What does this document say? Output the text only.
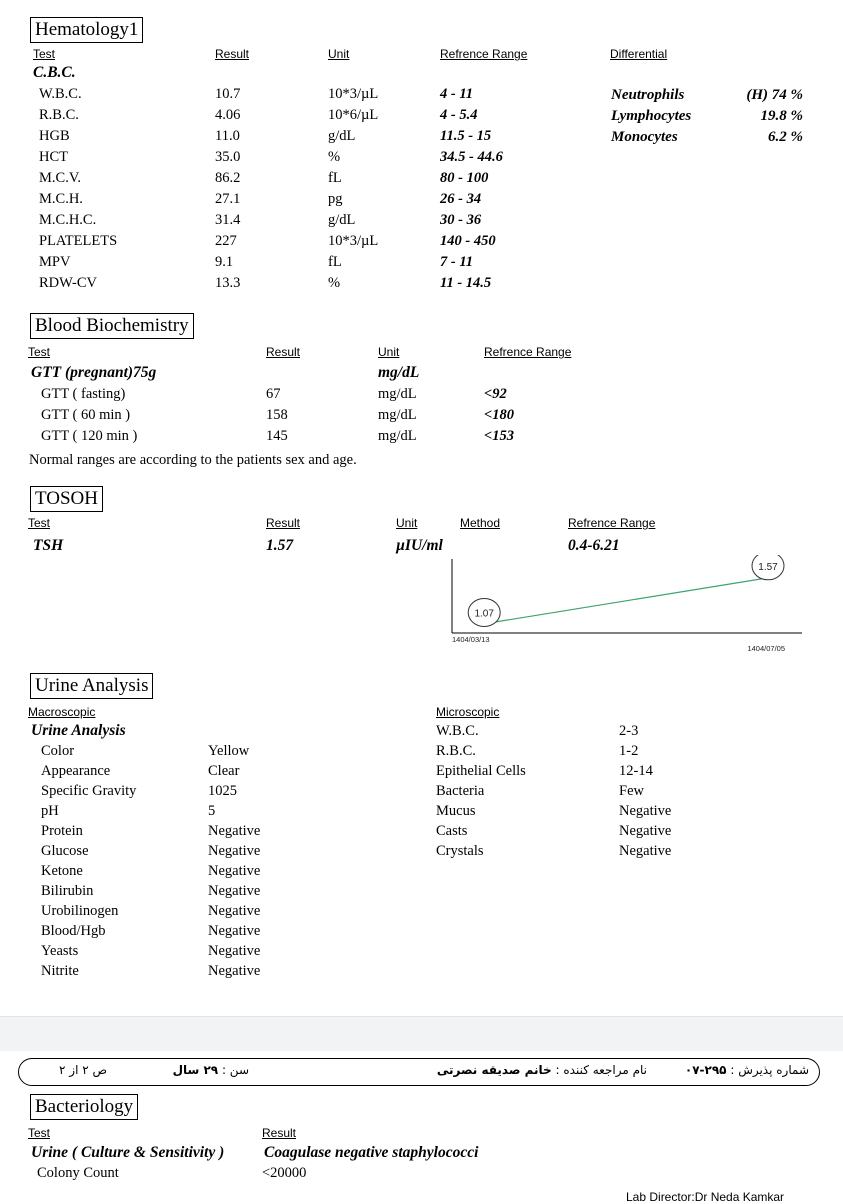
Hematology1
Test	Result	Unit	Refrence Range	Differential
C.B.C.
W.B.C.	10.7	10*3/µL	4 - 11
R.B.C.	4.06	10*6/µL	4 - 5.4
HGB	11.0	g/dL	11.5 - 15
HCT	35.0	%	34.5 - 44.6
M.C.V.	86.2	fL	80 - 100
M.C.H.	27.1	pg	26 - 34
M.C.H.C.	31.4	g/dL	30 - 36
PLATELETS	227	10*3/µL	140 - 450
MPV	9.1	fL	7 - 11
RDW-CV	13.3	%	11 - 14.5
Neutrophils	(H) 74 %
Lymphocytes	19.8 %
Monocytes	6.2 %
Blood Biochemistry
Test	Result	Unit	Refrence Range
GTT (pregnant)75g	mg/dL
GTT ( fasting)	67	mg/dL	<92
GTT ( 60 min )	158	mg/dL	<180
GTT ( 120 min )	145	mg/dL	<153
Normal ranges are according to the patients sex and age.
TOSOH
Test	Result	Unit	Method	Refrence Range
TSH	1.57	µIU/ml	0.4-6.21
1.07
1.57
1404/03/13
1404/07/05
Urine Analysis
Macroscopic	Microscopic
Urine Analysis
Color	Yellow
Appearance	Clear
Specific Gravity	1025
pH	5
Protein	Negative
Glucose	Negative
Ketone	Negative
Bilirubin	Negative
Urobilinogen	Negative
Blood/Hgb	Negative
Yeasts	Negative
Nitrite	Negative
W.B.C.	2-3
R.B.C.	1-2
Epithelial Cells	12-14
Bacteria	Few
Mucus	Negative
Casts	Negative
Crystals	Negative
شماره پذیرش : ۲۹۵-۰۷
نام مراجعه کننده : خانم صدیقه نصرتی
سن : ۲۹ سال
ص ۲ از ۲
Bacteriology
Test	Result
Urine ( Culture & Sensitivity )	Coagulase negative staphylococci
Colony Count	<20000
Lab Director:Dr Neda Kamkar
